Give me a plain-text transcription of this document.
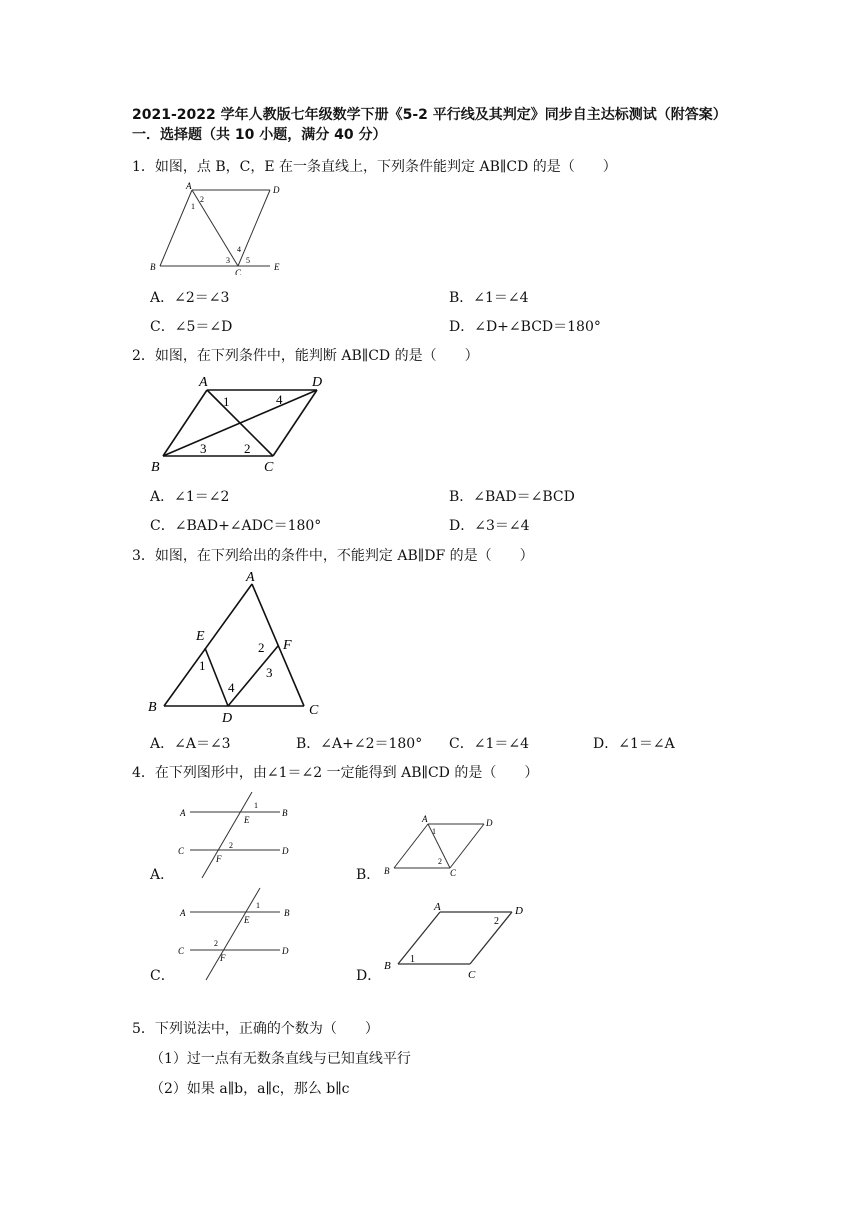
2021-2022 学年人教版七年级数学下册《5-2 平行线及其判定》同步自主达标测试（附答案）
一．选择题（共 10 小题，满分 40 分）
1．如图，点 B，C，E 在一条直线上，下列条件能判定 AB∥CD 的是（　　）
A	D
B
C
E
1
2
3
4
5
A．∠2＝∠3	B．∠1＝∠4
C．∠5＝∠D	D．∠D+∠BCD＝180°
2．如图，在下列条件中，能判断 AB∥CD 的是（　　）
A	D
B	C
1
2
3
4
A．∠1＝∠2	B．∠BAD＝∠BCD
C．∠BAD+∠ADC＝180°	D．∠3＝∠4
3．如图，在下列给出的条件中，不能判定 AB∥DF 的是（　　）
A
E
F
B
D
C
1
2
3
4
A．∠A＝∠3	B．∠A+∠2＝180° C．∠1＝∠4	D．∠1＝∠A
4．在下列图形中，由∠1＝∠2 一定能得到 AB∥CD 的是（　　）
A．
A	B
C	D
E
F
1
2
B．
A	D
B	C
1
2
C．
A	B
C	D
E
F
1
2
D．
A	D
B
C
1
2
5．下列说法中，正确的个数为（　　）
（1）过一点有无数条直线与已知直线平行
（2）如果 a∥b，a∥c，那么 b∥c
